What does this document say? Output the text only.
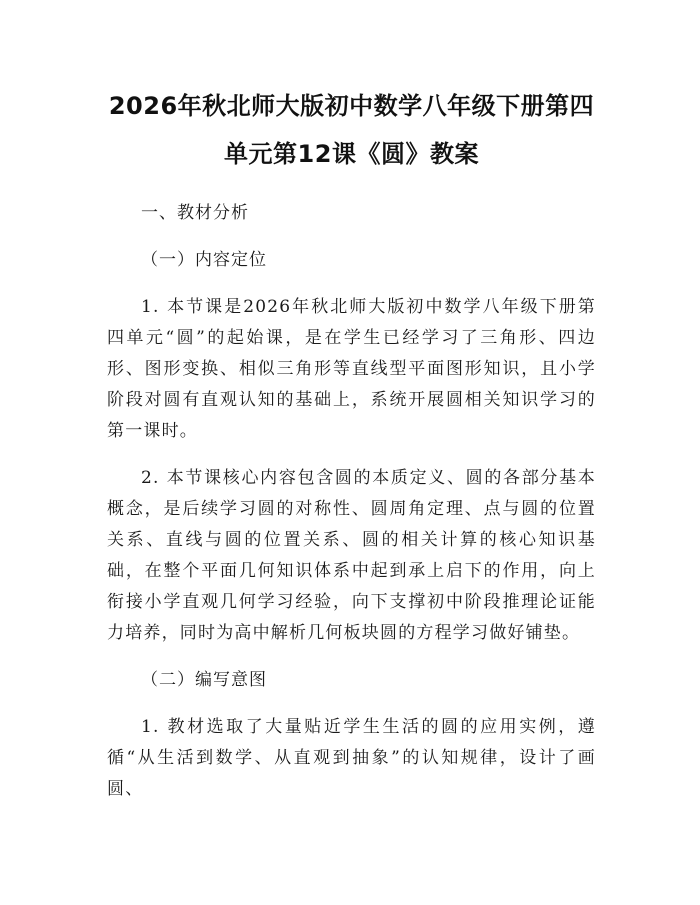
2026年秋北师大版初中数学八年级下册第四
单元第12课《圆》教案

一、教材分析

（一）内容定位

1. 本节课是2026年秋北师大版初中数学八年级下册第四单元“圆”的起始课，是在学生已经学习了三角形、四边形、图形变换、相似三角形等直线型平面图形知识，且小学阶段对圆有直观认知的基础上，系统开展圆相关知识学习的第一课时。

2. 本节课核心内容包含圆的本质定义、圆的各部分基本概念，是后续学习圆的对称性、圆周角定理、点与圆的位置关系、直线与圆的位置关系、圆的相关计算的核心知识基础，在整个平面几何知识体系中起到承上启下的作用，向上衔接小学直观几何学习经验，向下支撑初中阶段推理论证能力培养，同时为高中解析几何板块圆的方程学习做好铺垫。

（二）编写意图

1. 教材选取了大量贴近学生生活的圆的应用实例，遵循“从生活到数学、从直观到抽象”的认知规律，设计了画圆、
